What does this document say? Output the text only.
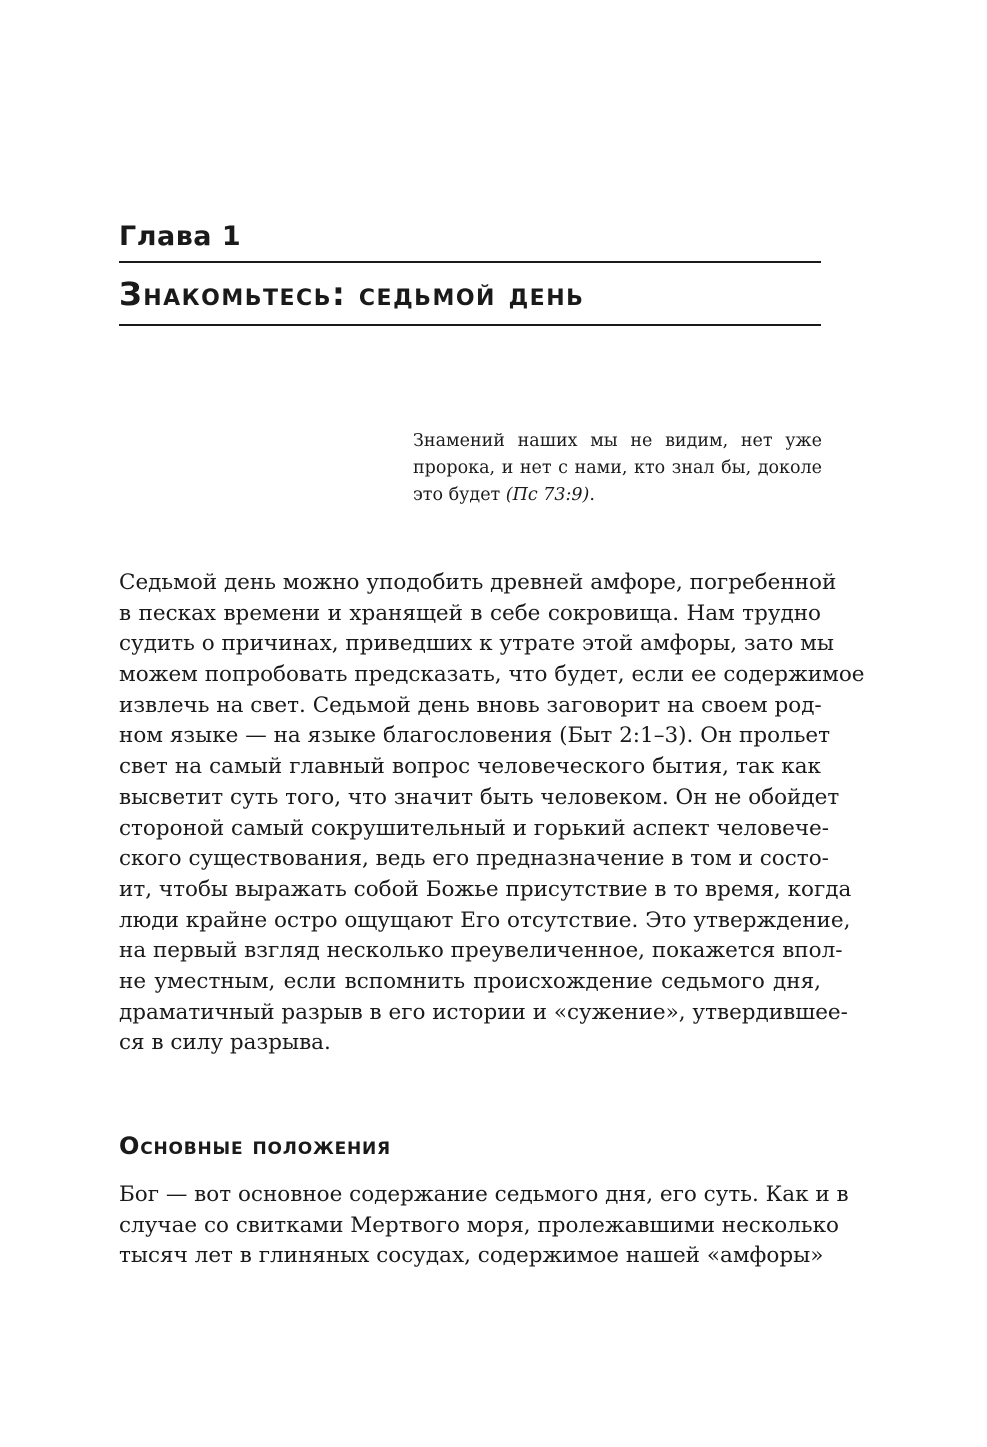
Глава 1
Знакомьтесь: седьмой день

Знамений наших мы не видим, нет уже пророка, и нет с нами, кто знал бы, доколе это будет (Пс 73:9).

Седьмой день можно уподобить древней амфоре, погребенной
в песках времени и хранящей в себе сокровища. Нам трудно
судить о причинах, приведших к утрате этой амфоры, зато мы
можем попробовать предсказать, что будет, если ее содержимое
извлечь на свет. Седьмой день вновь заговорит на своем род-
ном языке — на языке благословения (Быт 2:1–3). Он прольет
свет на самый главный вопрос человеческого бытия, так как
высветит суть того, что значит быть человеком. Он не обойдет
стороной самый сокрушительный и горький аспект человече-
ского существования, ведь его предназначение в том и состо-
ит, чтобы выражать собой Божье присутствие в то время, когда
люди крайне остро ощущают Его отсутствие. Это утверждение,
на первый взгляд несколько преувеличенное, покажется впол-
не уместным, если вспомнить происхождение седьмого дня,
драматичный разрыв в его истории и «сужение», утвердившее-
ся в силу разрыва.
Основные положения
Бог — вот основное содержание седьмого дня, его суть. Как и в
случае со свитками Мертвого моря, пролежавшими несколько
тысяч лет в глиняных сосудах, содержимое нашей «амфоры»
